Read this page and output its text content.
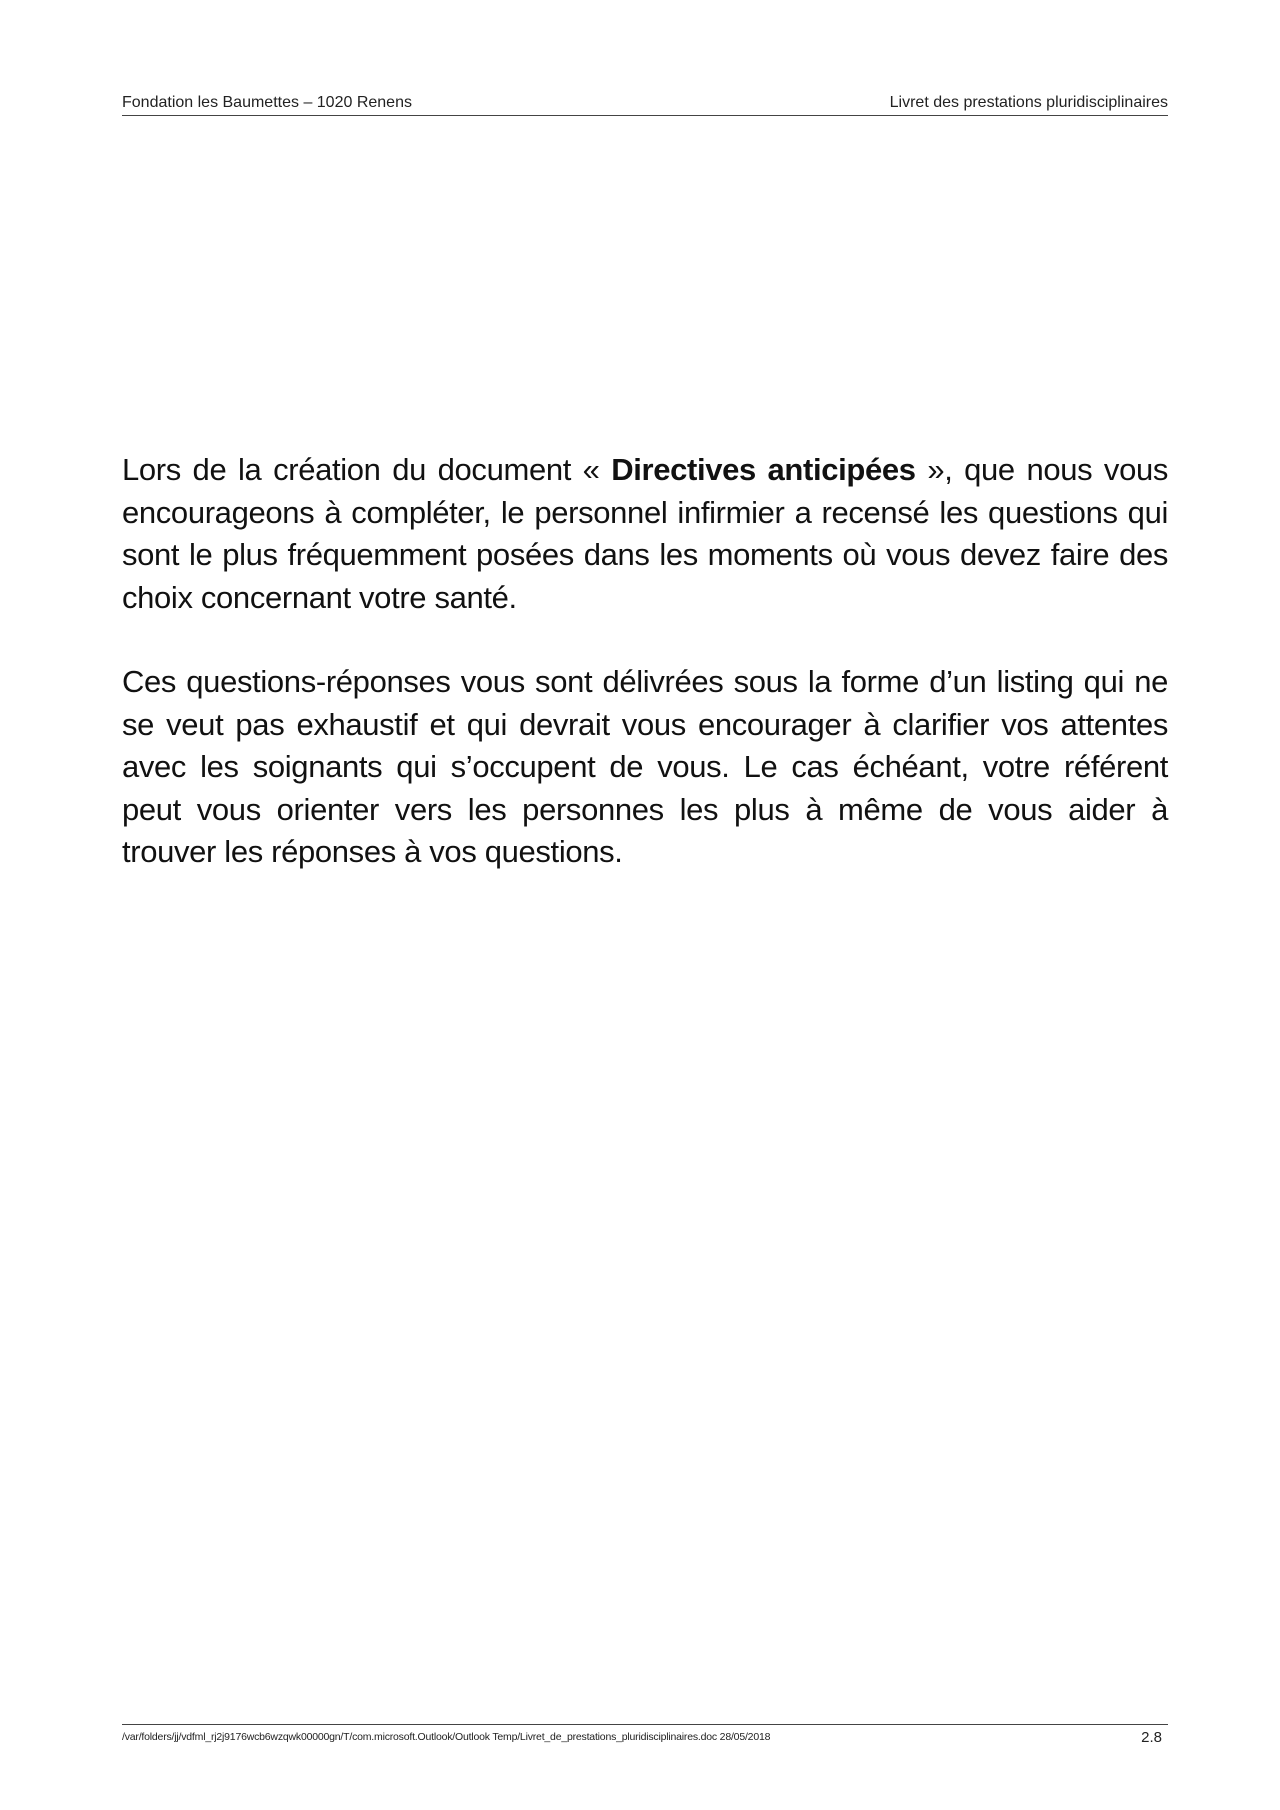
Fondation les Baumettes – 1020 Renens	Livret des prestations pluridisciplinaires

Lors de la création du document « Directives anticipées », que nous vous encourageons à compléter, le personnel infirmier a recensé les questions qui sont le plus fréquemment posées dans les moments où vous devez faire des choix concernant votre santé.

Ces questions-réponses vous sont délivrées sous la forme d’un listing qui ne se veut pas exhaustif et qui devrait vous encourager à clarifier vos attentes avec les soignants qui s’occupent de vous. Le cas échéant, votre référent peut vous orienter vers les personnes les plus à même de vous aider à trouver les réponses à vos questions.

/var/folders/jj/vdfml_rj2j9176wcb6wzqwk00000gn/T/com.microsoft.Outlook/Outlook Temp/Livret_de_prestations_pluridisciplinaires.doc 28/05/2018	2.8
